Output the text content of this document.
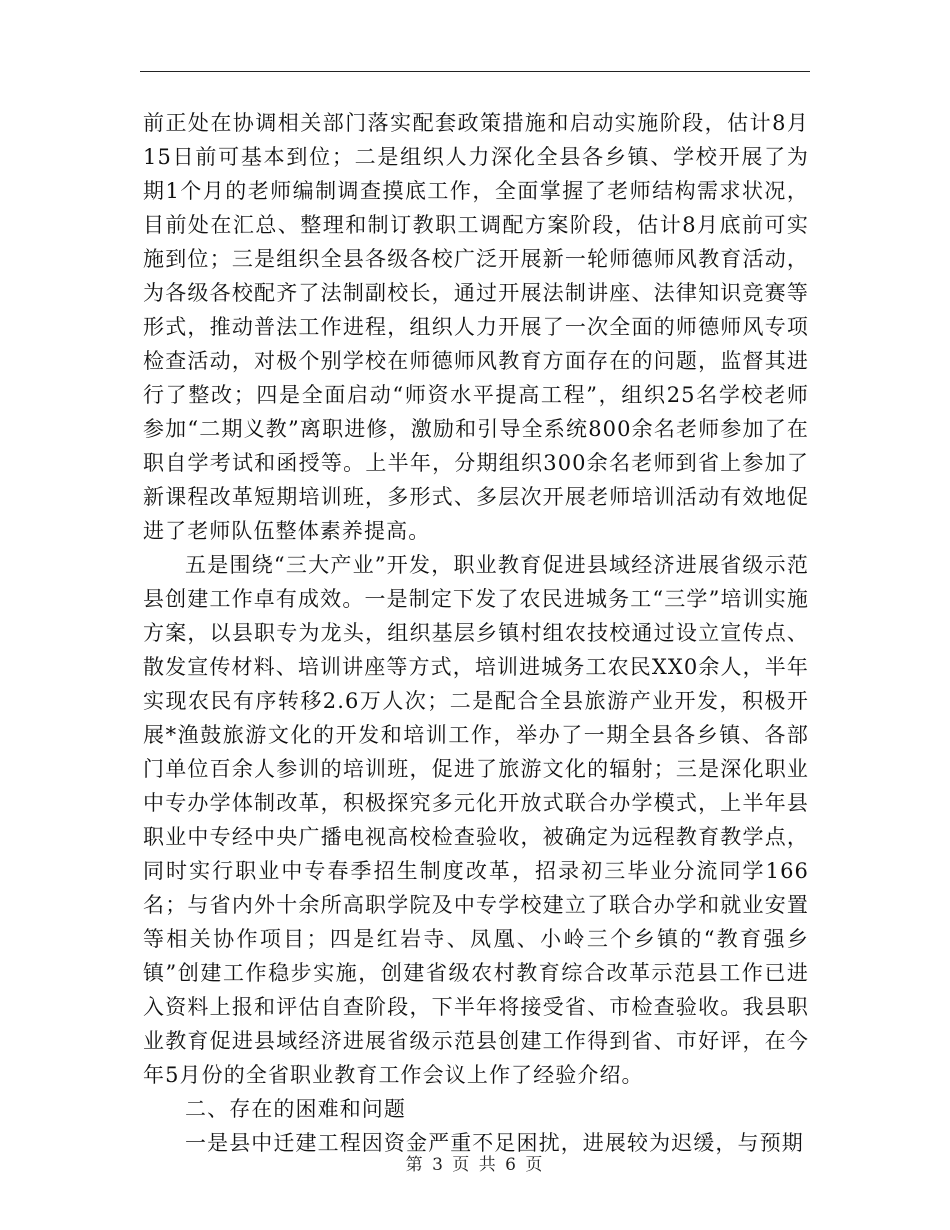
前正处在协调相关部门落实配套政策措施和启动实施阶段，估计8月15日前可基本到位；二是组织人力深化全县各乡镇、学校开展了为期1个月的老师编制调查摸底工作，全面掌握了老师结构需求状况，目前处在汇总、整理和制订教职工调配方案阶段，估计8月底前可实施到位；三是组织全县各级各校广泛开展新一轮师德师风教育活动，为各级各校配齐了法制副校长，通过开展法制讲座、法律知识竞赛等形式，推动普法工作进程，组织人力开展了一次全面的师德师风专项检查活动，对极个别学校在师德师风教育方面存在的问题，监督其进行了整改；四是全面启动“师资水平提高工程”，组织25名学校老师参加“二期义教”离职进修，激励和引导全系统800余名老师参加了在职自学考试和函授等。上半年，分期组织300余名老师到省上参加了新课程改革短期培训班，多形式、多层次开展老师培训活动有效地促进了老师队伍整体素养提高。

五是围绕“三大产业”开发，职业教育促进县域经济进展省级示范县创建工作卓有成效。一是制定下发了农民进城务工“三学”培训实施方案，以县职专为龙头，组织基层乡镇村组农技校通过设立宣传点、散发宣传材料、培训讲座等方式，培训进城务工农民XX0余人，半年实现农民有序转移2.6万人次；二是配合全县旅游产业开发，积极开展*渔鼓旅游文化的开发和培训工作，举办了一期全县各乡镇、各部门单位百余人参训的培训班，促进了旅游文化的辐射；三是深化职业中专办学体制改革，积极探究多元化开放式联合办学模式，上半年县职业中专经中央广播电视高校检查验收，被确定为远程教育教学点，同时实行职业中专春季招生制度改革，招录初三毕业分流同学166名；与省内外十余所高职学院及中专学校建立了联合办学和就业安置等相关协作项目；四是红岩寺、凤凰、小岭三个乡镇的“教育强乡镇”创建工作稳步实施，创建省级农村教育综合改革示范县工作已进入资料上报和评估自查阶段，下半年将接受省、市检查验收。我县职业教育促进县域经济进展省级示范县创建工作得到省、市好评，在今年5月份的全省职业教育工作会议上作了经验介绍。

二、存在的困难和问题

一是县中迁建工程因资金严重不足困扰，进展较为迟缓，与预期

第 3 页 共 6 页
